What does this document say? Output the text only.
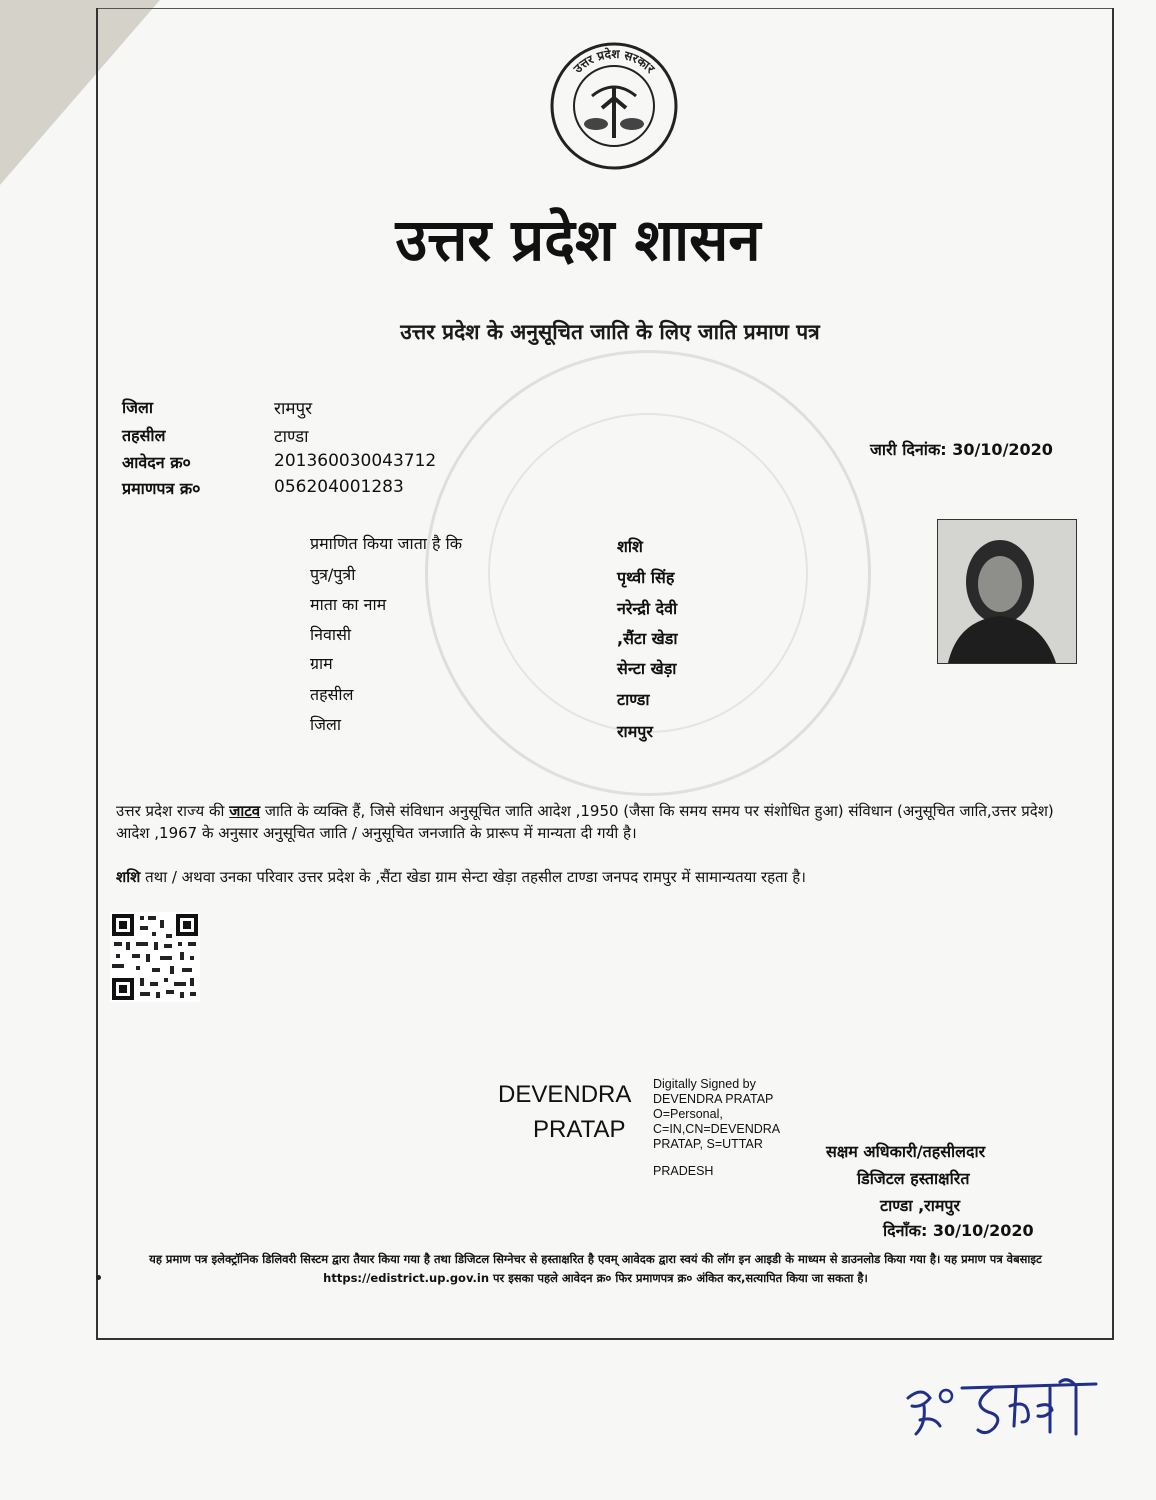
उत्तर प्रदेश सरकार
उत्तर प्रदेश शासन
उत्तर प्रदेश के अनुसूचित जाति के लिए जाति प्रमाण पत्र
जिला	रामपुर
तहसील	टाण्डा
आवेदन क्र०	201360030043712
प्रमाणपत्र क्र०	056204001283
जारी दिनांक: 30/10/2020
प्रमाणित किया जाता है कि	शशि
पुत्र/पुत्री	पृथ्वी सिंह
माता का नाम	नरेन्द्री देवी
निवासी	,सैंटा खेडा
ग्राम	सेन्टा खेड़ा
तहसील	टाण्डा
जिला	रामपुर
उत्तर प्रदेश राज्य की जाटव जाति के व्यक्ति हैं, जिसे संविधान अनुसूचित जाति आदेश ,1950 (जैसा कि समय समय पर संशोधित हुआ) संविधान (अनुसूचित जाति,उत्तर प्रदेश) आदेश ,1967 के अनुसार अनुसूचित जाति / अनुसूचित जनजाति के प्रारूप में मान्यता दी गयी है।
शशि तथा / अथवा उनका परिवार उत्तर प्रदेश के ,सैंटा खेडा ग्राम सेन्टा खेड़ा तहसील टाण्डा जनपद रामपुर में सामान्यतया रहता है।
DEVENDRA
PRATAP
Digitally Signed by
DEVENDRA PRATAP
O=Personal,
C=IN,CN=DEVENDRA
PRATAP, S=UTTAR
PRADESH
सक्षम अधिकारी/तहसीलदार
डिजिटल हस्ताक्षरित
टाण्डा ,रामपुर
दिनाँक: 30/10/2020
यह प्रमाण पत्र इलेक्ट्रॉनिक डिलिवरी सिस्टम द्वारा तैयार किया गया है तथा डिजिटल सिग्नेचर से हस्ताक्षरित है एवम् आवेदक द्वारा स्वयं की लॉग इन आइडी के माध्यम से डाउनलोड किया गया है। यह प्रमाण पत्र वेबसाइट https://edistrict.up.gov.in पर इसका पहले आवेदन क्र० फिर प्रमाणपत्र क्र० अंकित कर,सत्यापित किया जा सकता है।
